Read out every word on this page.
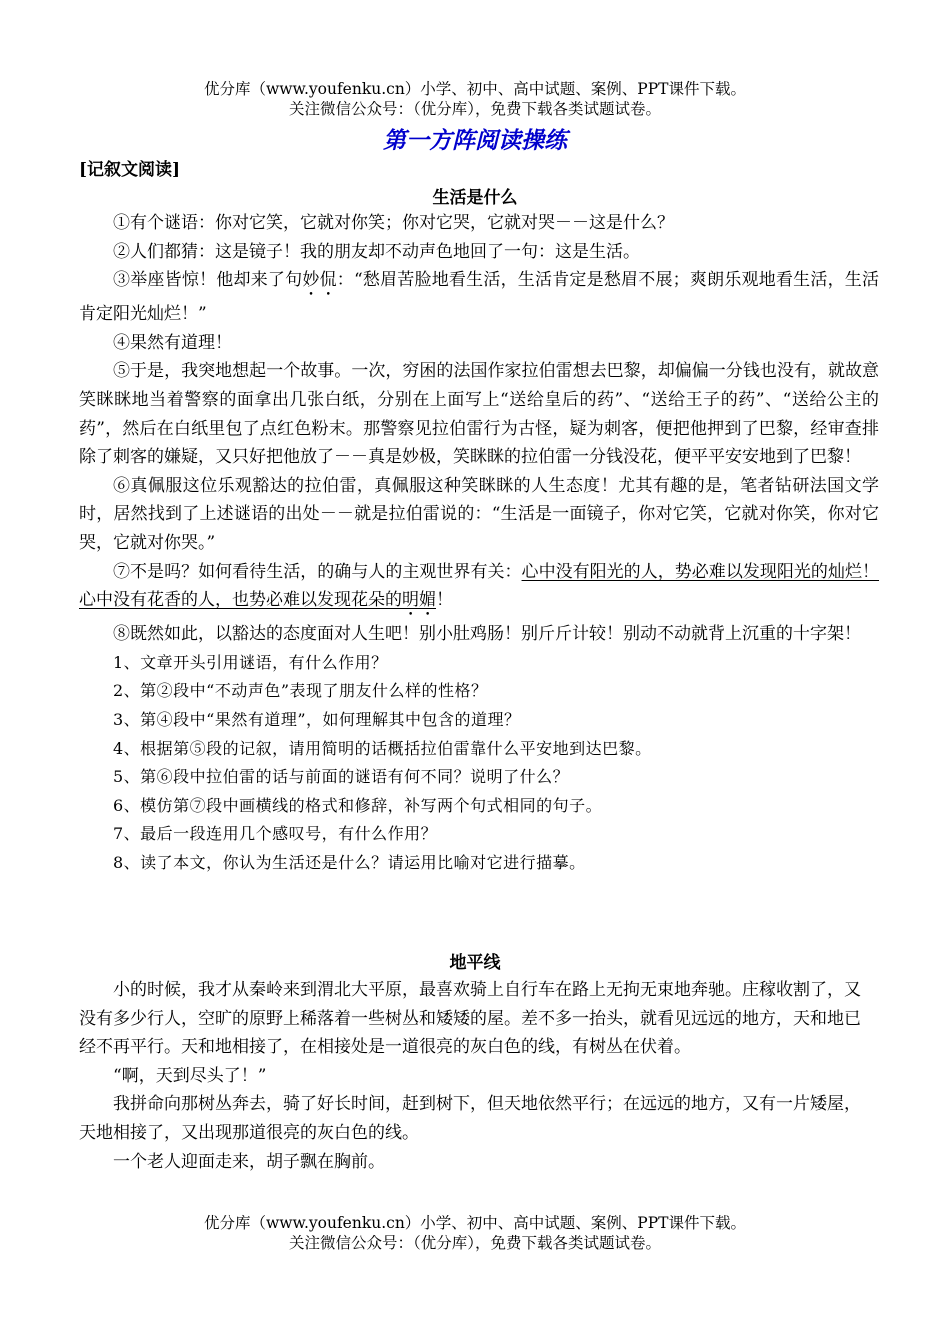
优分库（www.youfenku.cn）小学、初中、高中试题、案例、PPT课件下载。
关注微信公众号：（优分库），免费下载各类试题试卷。
第一方阵阅读操练
[记叙文阅读]
生活是什么

①有个谜语：你对它笑，它就对你笑；你对它哭，它就对哭－－这是什么？

②人们都猜：这是镜子！我的朋友却不动声色地回了一句：这是生活。

③举座皆惊！他却来了句妙侃：“愁眉苦脸地看生活，生活肯定是愁眉不展；爽朗乐观地看生活，生活肯定阳光灿烂！”

④果然有道理！

⑤于是，我突地想起一个故事。一次，穷困的法国作家拉伯雷想去巴黎，却偏偏一分钱也没有，就故意笑眯眯地当着警察的面拿出几张白纸，分别在上面写上“送给皇后的药”、“送给王子的药”、“送给公主的药”，然后在白纸里包了点红色粉末。那警察见拉伯雷行为古怪，疑为刺客，便把他押到了巴黎，经审查排除了刺客的嫌疑，又只好把他放了－－真是妙极，笑眯眯的拉伯雷一分钱没花，便平平安安地到了巴黎！

⑥真佩服这位乐观豁达的拉伯雷，真佩服这种笑眯眯的人生态度！尤其有趣的是，笔者钻研法国文学时，居然找到了上述谜语的出处－－就是拉伯雷说的：“生活是一面镜子，你对它笑，它就对你笑，你对它哭，它就对你哭。”

⑦不是吗？如何看待生活，的确与人的主观世界有关：心中没有阳光的人，势必难以发现阳光的灿烂！心中没有花香的人，也势必难以发现花朵的明媚！

⑧既然如此，以豁达的态度面对人生吧！别小肚鸡肠！别斤斤计较！别动不动就背上沉重的十字架！

1、文章开头引用谜语，有什么作用？

2、第②段中“不动声色”表现了朋友什么样的性格？

3、第④段中“果然有道理”，如何理解其中包含的道理？

4、根据第⑤段的记叙，请用简明的话概括拉伯雷靠什么平安地到达巴黎。

5、第⑥段中拉伯雷的话与前面的谜语有何不同？说明了什么？

6、模仿第⑦段中画横线的格式和修辞，补写两个句式相同的句子。

7、最后一段连用几个感叹号，有什么作用？

8、读了本文，你认为生活还是什么？请运用比喻对它进行描摹。

地平线

小的时候，我才从秦岭来到渭北大平原，最喜欢骑上自行车在路上无拘无束地奔驰。庄稼收割了，又没有多少行人，空旷的原野上稀落着一些树丛和矮矮的屋。差不多一抬头，就看见远远的地方，天和地已经不再平行。天和地相接了，在相接处是一道很亮的灰白色的线，有树丛在伏着。

“啊，天到尽头了！”

我拼命向那树丛奔去，骑了好长时间，赶到树下，但天地依然平行；在远远的地方，又有一片矮屋，天地相接了，又出现那道很亮的灰白色的线。

一个老人迎面走来，胡子飘在胸前。

优分库（www.youfenku.cn）小学、初中、高中试题、案例、PPT课件下载。
关注微信公众号：（优分库），免费下载各类试题试卷。
